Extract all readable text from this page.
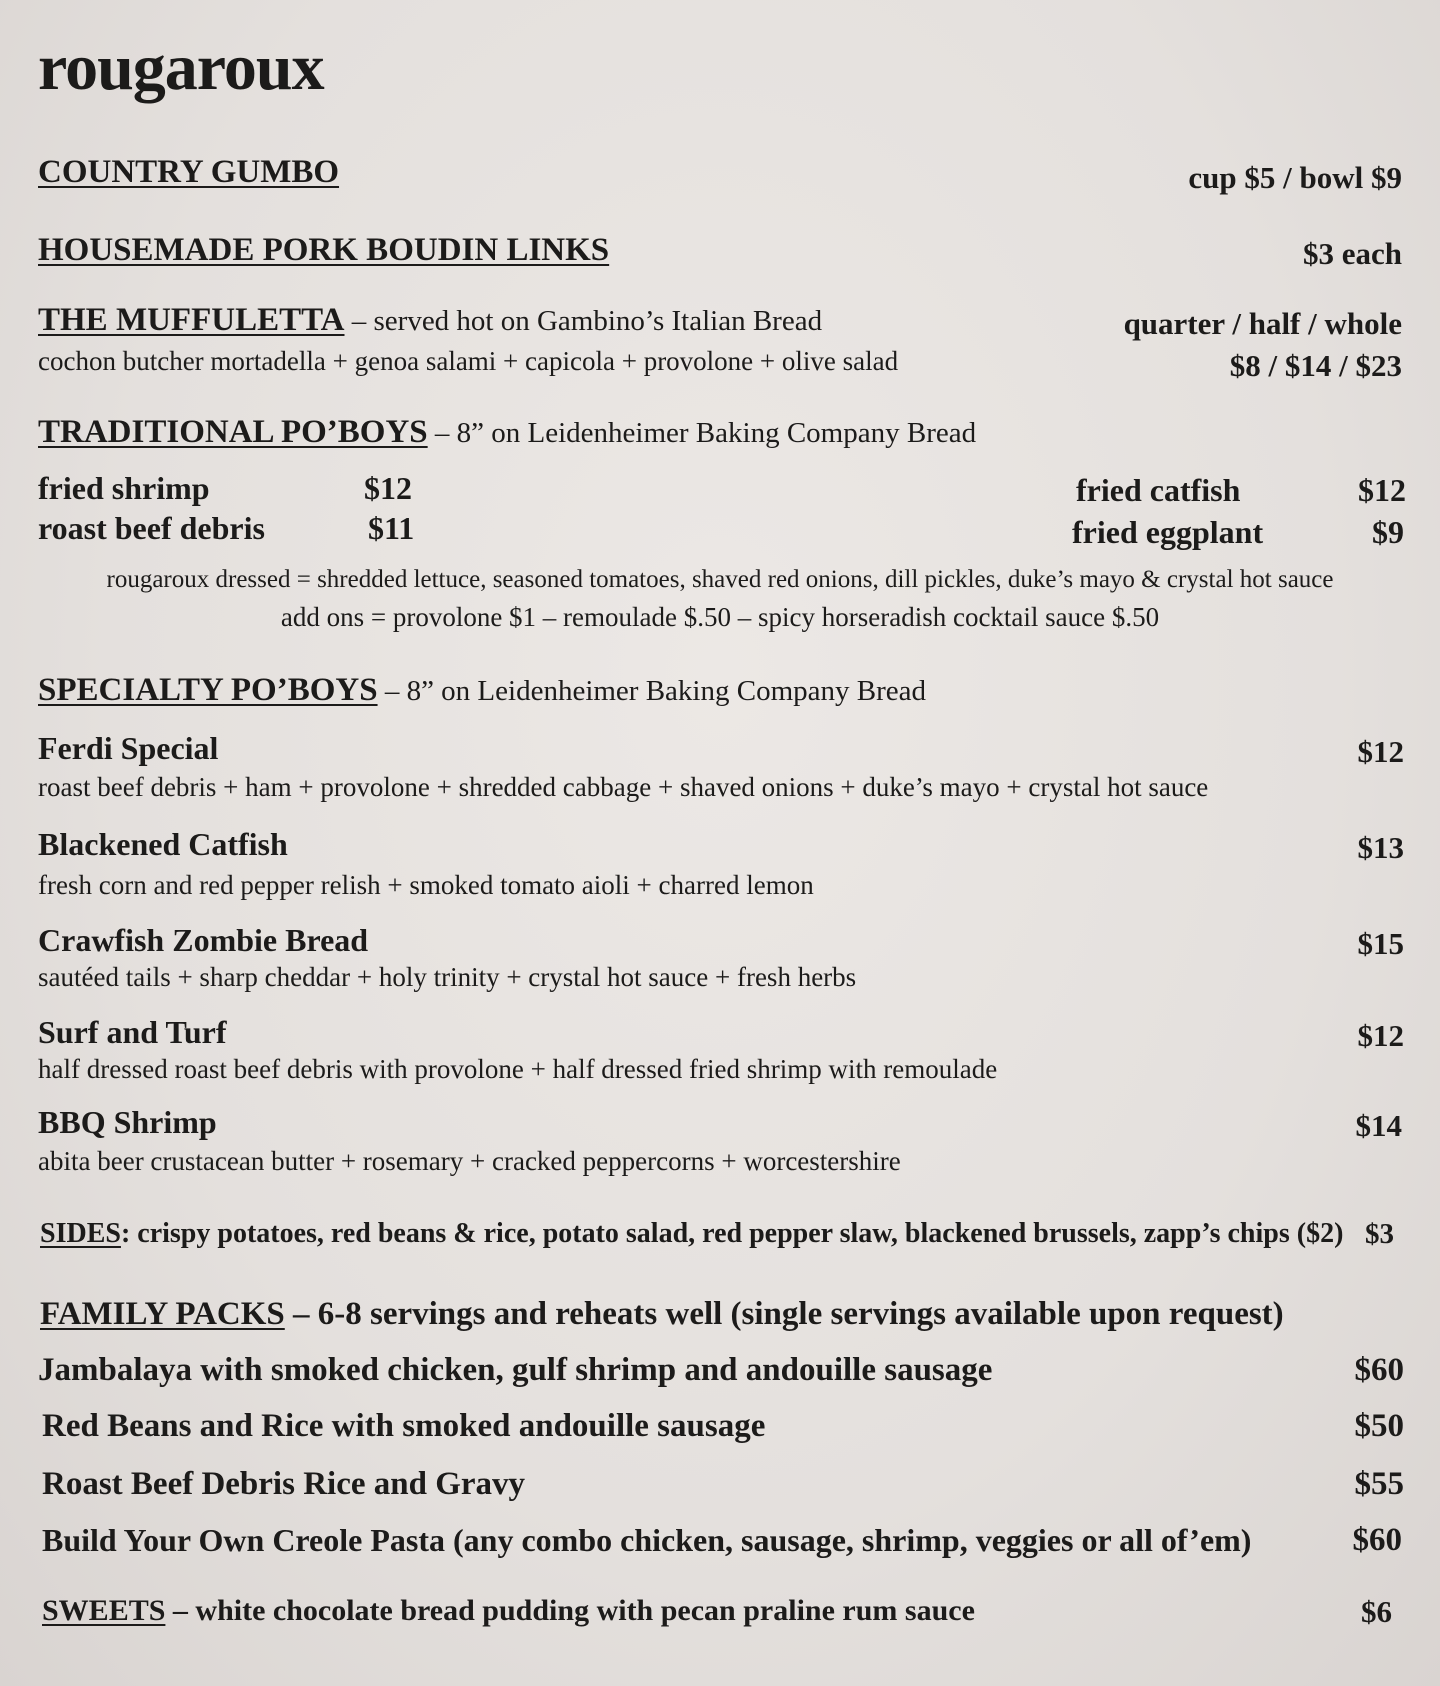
rougaroux
COUNTRY GUMBO	cup $5 / bowl $9
HOUSEMADE PORK BOUDIN LINKS	$3 each
THE MUFFULETTA – served hot on Gambino’s Italian Bread	quarter / half / whole
cochon butcher mortadella + genoa salami + capicola + provolone + olive salad	$8 / $14 / $23
TRADITIONAL PO’BOYS – 8” on Leidenheimer Baking Company Bread
fried shrimp	$12
roast beef debris	$11
fried catfish	$12
fried eggplant	$9
rougaroux dressed = shredded lettuce, seasoned tomatoes, shaved red onions, dill pickles, duke’s mayo & crystal hot sauce
add ons = provolone $1 – remoulade $.50 – spicy horseradish cocktail sauce $.50
SPECIALTY PO’BOYS – 8” on Leidenheimer Baking Company Bread
Ferdi Special	$12
roast beef debris + ham + provolone + shredded cabbage + shaved onions + duke’s mayo + crystal hot sauce
Blackened Catfish	$13
fresh corn and red pepper relish + smoked tomato aioli + charred lemon
Crawfish Zombie Bread	$15
sautéed tails + sharp cheddar + holy trinity + crystal hot sauce + fresh herbs
Surf and Turf	$12
half dressed roast beef debris with provolone + half dressed fried shrimp with remoulade
BBQ Shrimp	$14
abita beer crustacean butter + rosemary + cracked peppercorns + worcestershire
SIDES: crispy potatoes, red beans & rice, potato salad, red pepper slaw, blackened brussels, zapp’s chips ($2) $3
FAMILY PACKS – 6-8 servings and reheats well (single servings available upon request)
Jambalaya with smoked chicken, gulf shrimp and andouille sausage	$60
Red Beans and Rice with smoked andouille sausage	$50
Roast Beef Debris Rice and Gravy	$55
Build Your Own Creole Pasta (any combo chicken, sausage, shrimp, veggies or all of’em)	$60
SWEETS – white chocolate bread pudding with pecan praline rum sauce	$6
